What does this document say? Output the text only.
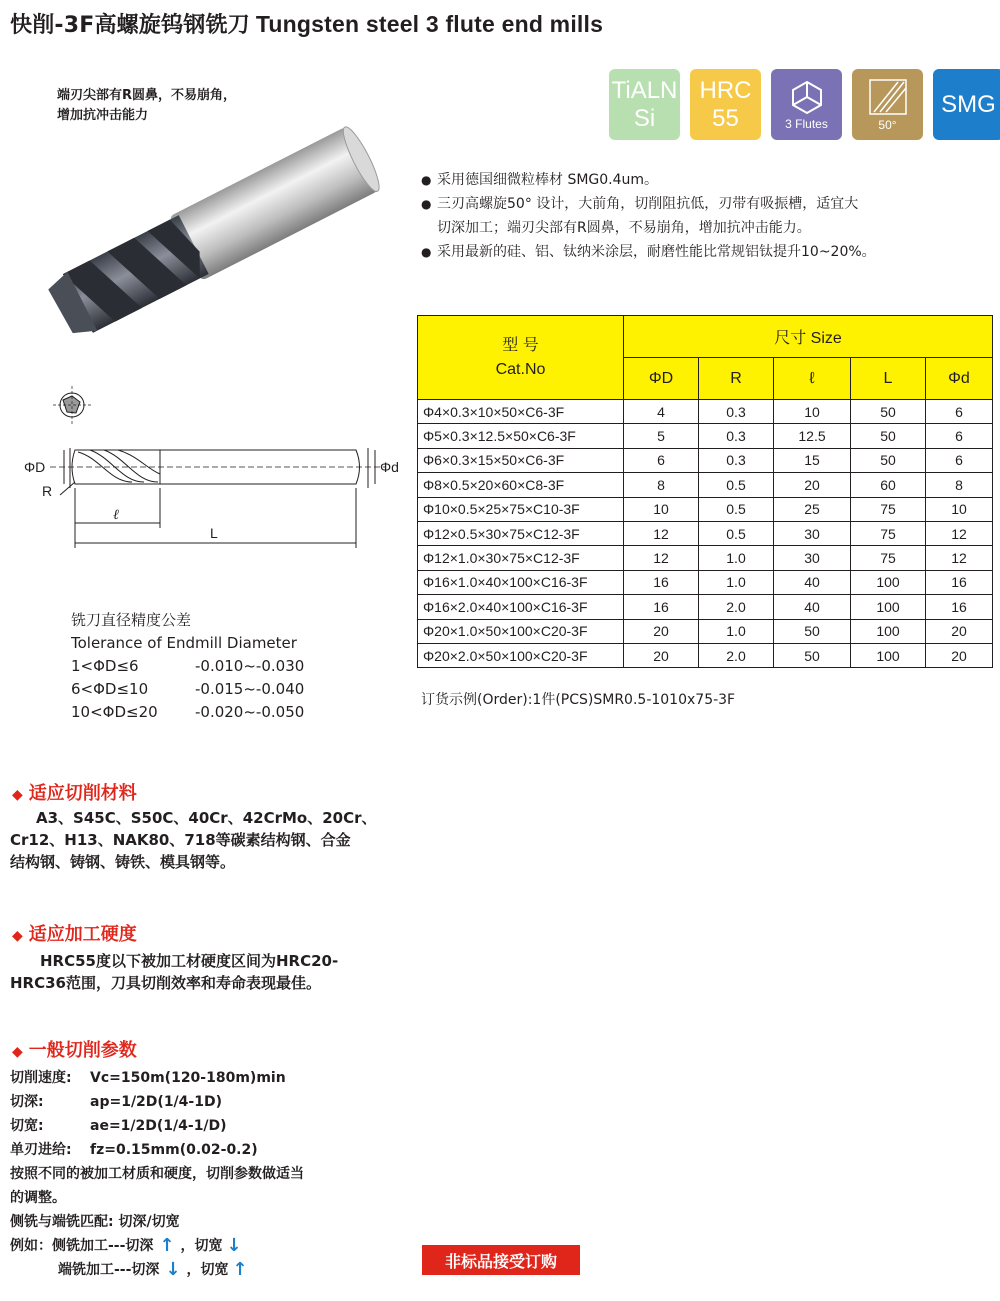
快削-3F高螺旋钨钢铣刀 Tungsten steel 3 flute end mills
端刃尖部有R圆鼻，不易崩角，
增加抗冲击能力
TiALN
Si
HRC
55	3 Flutes	50°
SMG
● 采用德国细微粒棒材 SMG0.4um。
● 三刃高螺旋50° 设计，大前角，切削阻抗低，刃带有吸振槽，适宜大
切深加工；端刃尖部有R圆鼻，不易崩角，增加抗冲击能力。
● 采用最新的硅、铝、钛纳米涂层，耐磨性能比常规铝钛提升10~20%。
型 号
Cat.No	尺寸 Size				
	ΦD	R	ℓ	L	Φd
Φ4×0.3×10×50×C6-3F	4	0.3	10	50	6
Φ5×0.3×12.5×50×C6-3F	5	0.3	12.5	50	6
Φ6×0.3×15×50×C6-3F	6	0.3	15	50	6
Φ8×0.5×20×60×C8-3F	8	0.5	20	60	8
Φ10×0.5×25×75×C10-3F	10	0.5	25	75	10
Φ12×0.5×30×75×C12-3F	12	0.5	30	75	12
Φ12×1.0×30×75×C12-3F	12	1.0	30	75	12
Φ16×1.0×40×100×C16-3F	16	1.0	40	100	16
Φ16×2.0×40×100×C16-3F	16	2.0	40	100	16
Φ20×1.0×50×100×C20-3F	20	1.0	50	100	20
Φ20×2.0×50×100×C20-3F	20	2.0	50	100	20
订货示例(Order):1件(PCS)SMR0.5-1010x75-3F
ΦD
R
Φd
ℓ
L
铣刀直径精度公差
Tolerance of Endmill Diameter
1<ΦD≤6	-0.010~-0.030
6<ΦD≤10	-0.015~-0.040
10<ΦD≤20	-0.020~-0.050
◆ 适应切削材料
A3、S45C、S50C、40Cr、42CrMo、20Cr、
Cr12、H13、NAK80、718等碳素结构钢、合金
结构钢、铸钢、铸铁、模具钢等。
◆ 适应加工硬度
HRC55度以下被加工材硬度区间为HRC20-
HRC36范围，刀具切削效率和寿命表现最佳。
◆ 一般切削参数
切削速度:	Vc=150m(120-180m)min
切深:	ap=1/2D(1/4-1D)
切宽:	ae=1/2D(1/4-1/D)
单刃进给:	fz=0.15mm(0.02-0.2)
按照不同的被加工材质和硬度，切削参数做适当
的调整。
侧铣与端铣匹配: 切深/切宽
例如：侧铣加工---切深 ↑ ，切宽 ↓
端铣加工---切深 ↓ ，切宽 ↑	非标品接受订购
